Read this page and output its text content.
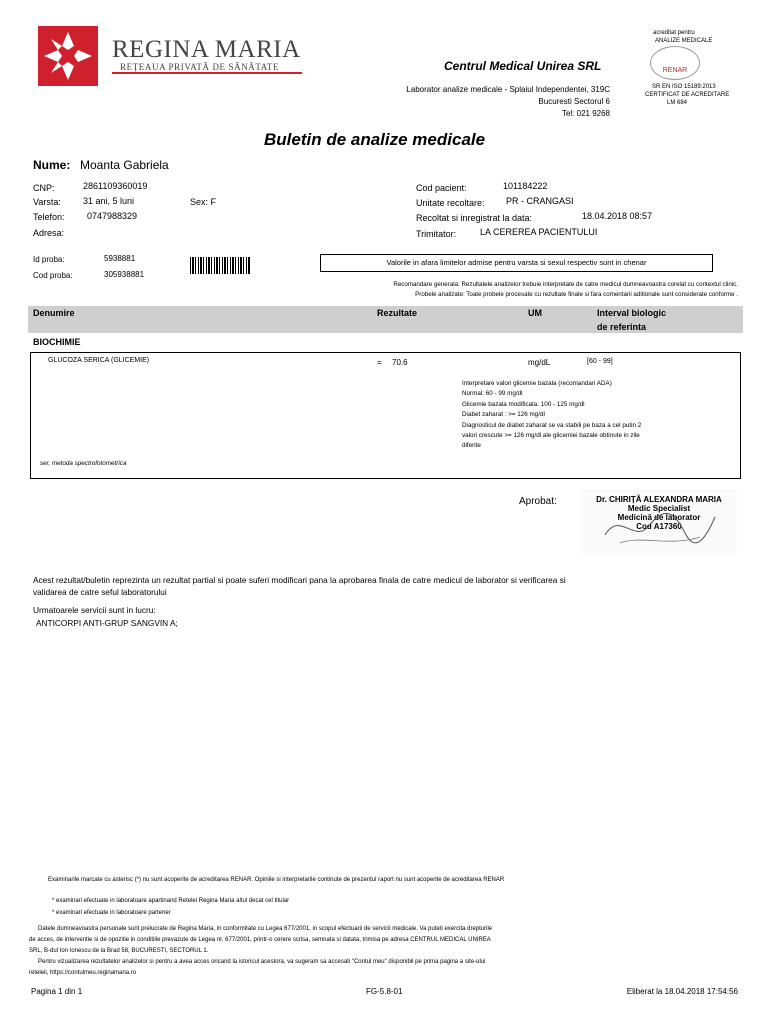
REGINA MARIA
REȚEAUA PRIVATĂ DE SĂNĂTATE	Centrul Medical Unirea SRL
Laborator analize medicale - Splaiul Independentei, 319C
Bucuresti Sectorul 6
Tel: 021 9268
acreditat pentru
ANALIZE MEDICALE
RENAR
SR EN ISO 15189:2013
CERTIFICAT DE ACREDITARE
LM 684
Buletin de analize medicale
Nume: Moanta Gabriela
CNP:	2861109360019
Varsta: 31 ani, 5 luni	Sex: F
Telefon: 0747988329
Adresa:
Cod pacient:	101184222
Unitate recoltare: PR - CRANGASI
Recoltat si inregistrat la data:	18.04.2018 08:57
Trimitator:	LA CEREREA PACIENTULUI
Id proba:	5938881
Cod proba:	305938881
Valorile in afara limitelor admise pentru varsta si sexul respectiv sunt in chenar
Recomandare generala: Rezultatele analizelor trebuie interpretate de catre medicul dumneavoastra corelat cu contextul clinic.
Probele analizate: Toate probele procesate cu rezultate finale si fara comentarii aditionale sunt considerate conforme .
Denumire	Rezultate	UM	Interval biologic
de referinta
BIOCHIMIE
GLUCOZA SERICA (GLICEMIE)	= 70.6	mg/dL	[60 - 99]
Interpretare valori glicemie bazala (recomandari ADA)
Normal: 60 - 99 mg/dl
Glicemie bazala modificata: 100 - 125 mg/dl
Diabet zaharat : >= 126 mg/dl
Diagnosticul de diabet zaharat se va stabili pe baza a cel putin 2
valori crescute >= 126 mg/dl ale glicemiei bazale obtinute in zile
diferite
ser, metoda spectrofotometrica
Aprobat:	Dr. CHIRIȚĂ ALEXANDRA MARIA
Medic Specialist
Medicină de laborator
Cod A17360
Acest rezultat/buletin reprezinta un rezultat partial si poate suferi modificari pana la aprobarea finala de catre medicul de laborator si verificarea si
validarea de catre seful laboratorului
Urmatoarele servicii sunt in lucru:
ANTICORPI ANTI-GRUP SANGVIN A;
Examinarile marcate cu asterisc (*) nu sunt acoperite de acreditarea RENAR. Opiniile si interpretarile continute de prezentul raport nu sunt acoperite de acreditarea RENAR
* examinari efectuate in laboratoare apartinand Retelei Regina Maria altul decat cel titular
* examinari efectuate in laboratoare partener
Datele dumneavoastra personale sunt prelucrate de Regina Maria, in conformitate cu Legea 677/2001, in scopul efectuarii de servicii medicale. Va puteti exercita drepturile
de acces, de interventie si de opozitie in conditiile prevazute de Legea nr. 677/2001, printr-o cerere scrisa, semnata si datata, trimisa pe adresa CENTRUL MEDICAL UNIREA
SRL, B-dul Ion Ionescu de la Brad 58, BUCURESTI, SECTORUL 1.
Pentru vizualizarea rezultatelor analizelor si pentru a avea acces oricand la istoricul acestora, va sugeram sa accesati "Contul meu" disponibil pe prima pagina a site-ului
reteleii, https://contulmeu.reginamaria.ro
Pagina 1 din 1	FG-5.8-01	Eliberat la 18.04.2018 17:54:56
